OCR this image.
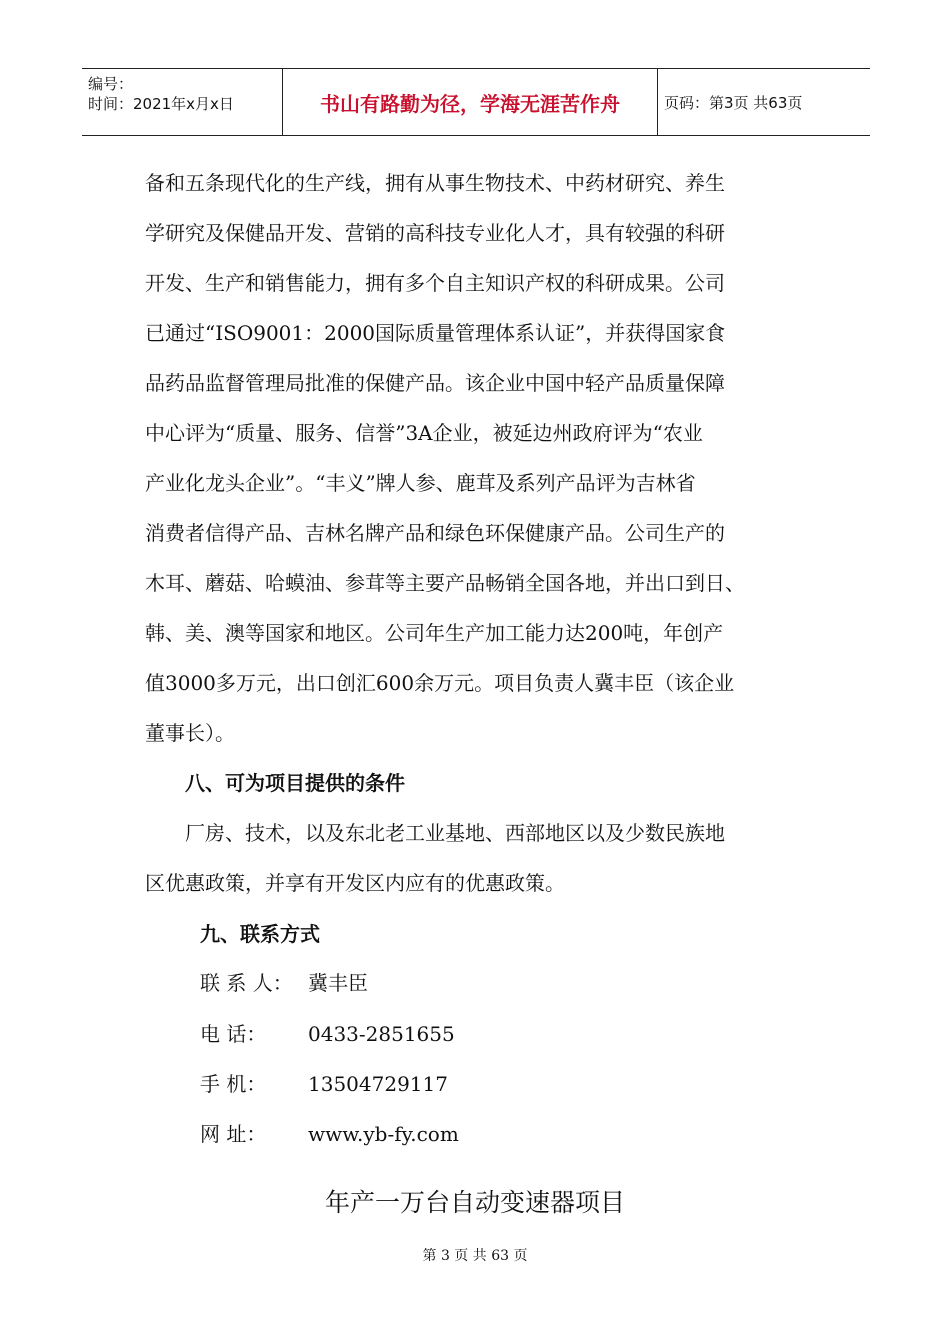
编号：
时间：2021年x月x日	书山有路勤为径，学海无涯苦作舟	页码：第3页 共63页
备和五条现代化的生产线，拥有从事生物技术、中药材研究、养生
学研究及保健品开发、营销的高科技专业化人才，具有较强的科研
开发、生产和销售能力，拥有多个自主知识产权的科研成果。公司
已通过“ISO9001：2000国际质量管理体系认证”，并获得国家食
品药品监督管理局批准的保健产品。该企业中国中轻产品质量保障
中心评为“质量、服务、信誉”3A企业，被延边州政府评为“农业
产业化龙头企业”。“丰义”牌人参、鹿茸及系列产品评为吉林省
消费者信得产品、吉林名牌产品和绿色环保健康产品。公司生产的
木耳、蘑菇、哈蟆油、参茸等主要产品畅销全国各地，并出口到日、
韩、美、澳等国家和地区。公司年生产加工能力达200吨，年创产
值3000多万元，出口创汇600余万元。项目负责人冀丰臣（该企业
董事长）。
八、可为项目提供的条件
厂房、技术，以及东北老工业基地、西部地区以及少数民族地
区优惠政策，并享有开发区内应有的优惠政策。
九、联系方式
联 系 人： 冀丰臣
电 话： 0433-2851655
手 机： 13504729117
网 址： www.yb-fy.com
年产一万台自动变速器项目
第 3 页 共 63 页
